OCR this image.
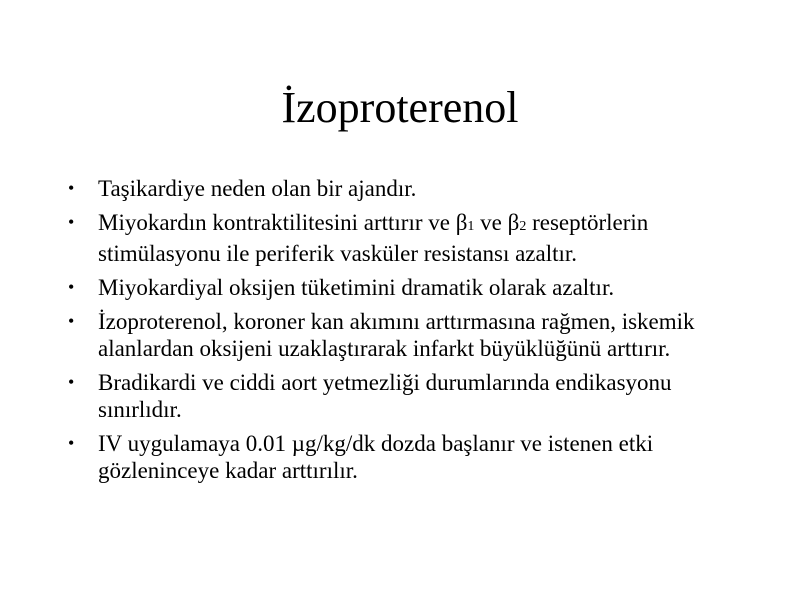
İzoproterenol
• Taşikardiye neden olan bir ajandır.
• Miyokardın kontraktilitesini arttırır ve β1 ve β2 reseptörlerin stimülasyonu ile periferik vasküler resistansı azaltır.
• Miyokardiyal oksijen tüketimini dramatik olarak azaltır.
• İzoproterenol, koroner kan akımını arttırmasına rağmen, iskemik alanlardan oksijeni uzaklaştırarak infarkt büyüklüğünü arttırır.
• Bradikardi ve ciddi aort yetmezliği durumlarında endikasyonu sınırlıdır.
• IV uygulamaya 0.01 µg/kg/dk dozda başlanır ve istenen etki gözleninceye kadar arttırılır.
